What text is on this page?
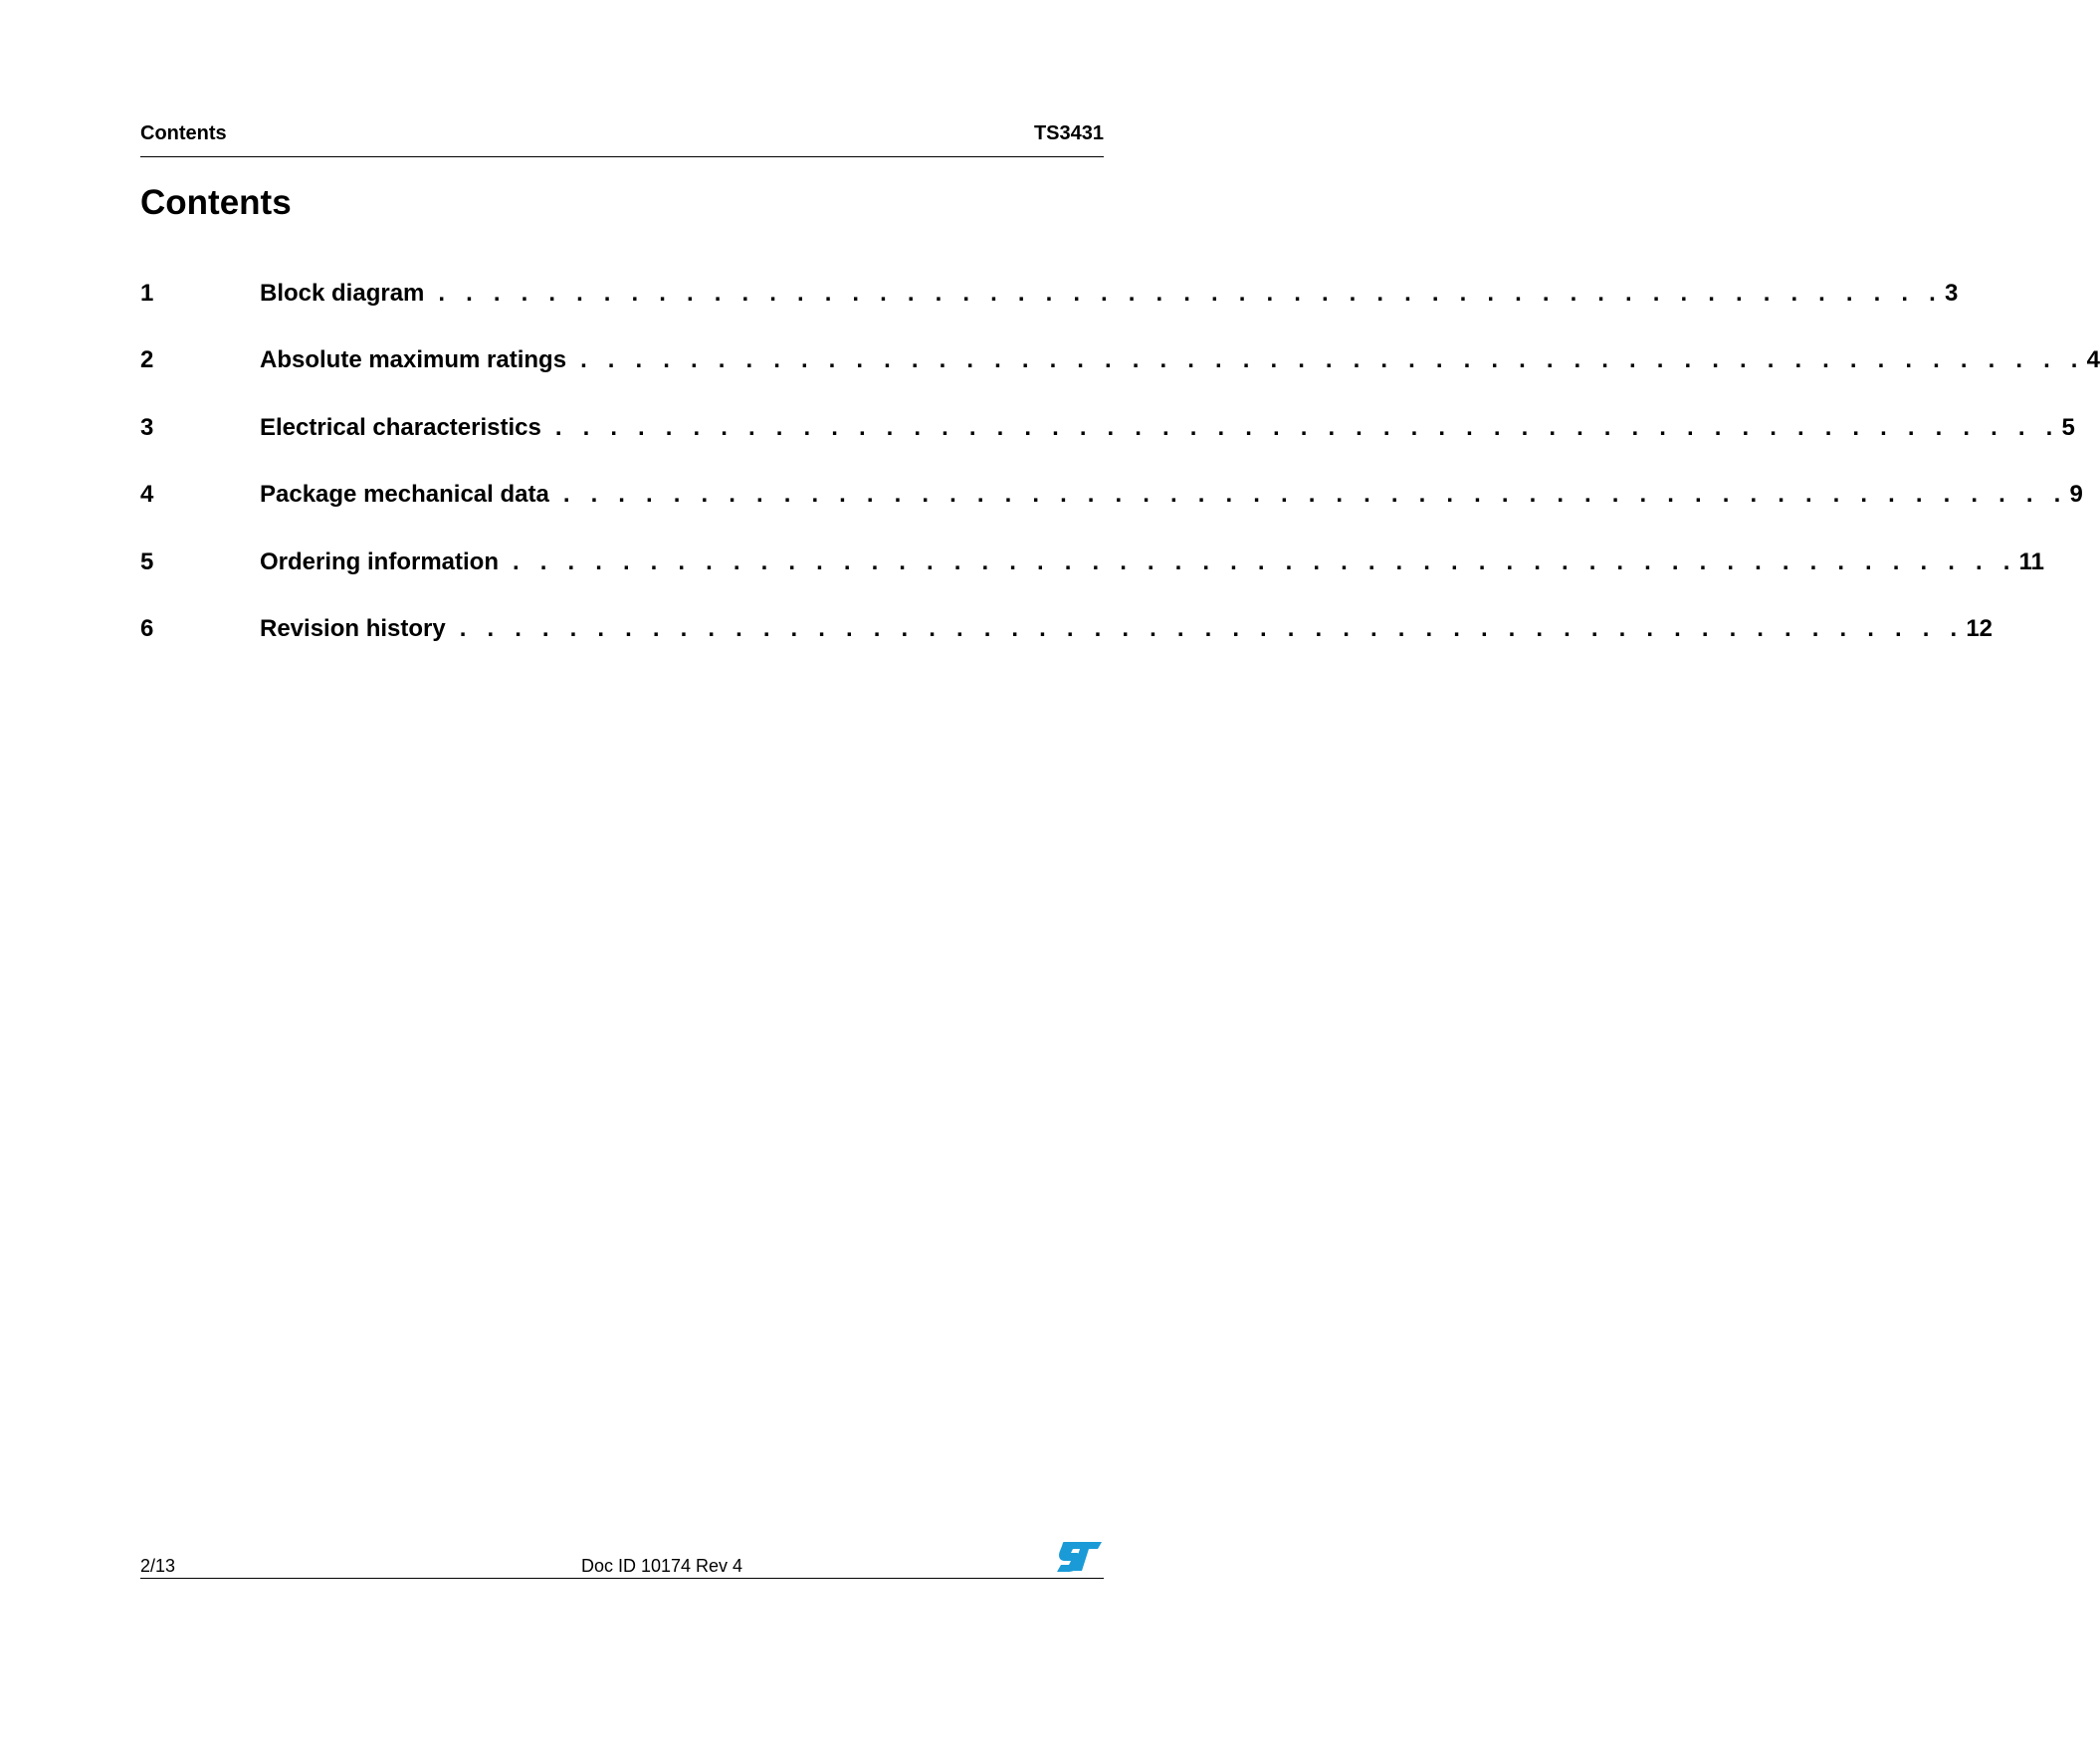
Contents	TS3431
Contents
1	Block diagram . . . . . . . . . . . . . . . . . . . . . . . . . . . . . . . . . . . . . . . . . . . . . . . . . . . . . . . 3
2	Absolute maximum ratings . . . . . . . . . . . . . . . . . . . . . . . . . . . . . . . . . . . . . . . . . . . . . . . . . . . . . . . 4
3	Electrical characteristics . . . . . . . . . . . . . . . . . . . . . . . . . . . . . . . . . . . . . . . . . . . . . . . . . . . . . . . 5
4	Package mechanical data . . . . . . . . . . . . . . . . . . . . . . . . . . . . . . . . . . . . . . . . . . . . . . . . . . . . . . . 9
5	Ordering information . . . . . . . . . . . . . . . . . . . . . . . . . . . . . . . . . . . . . . . . . . . . . . . . . . . . . . . 11
6	Revision history . . . . . . . . . . . . . . . . . . . . . . . . . . . . . . . . . . . . . . . . . . . . . . . . . . . . . . . 12
2/13	Doc ID 10174 Rev 4
